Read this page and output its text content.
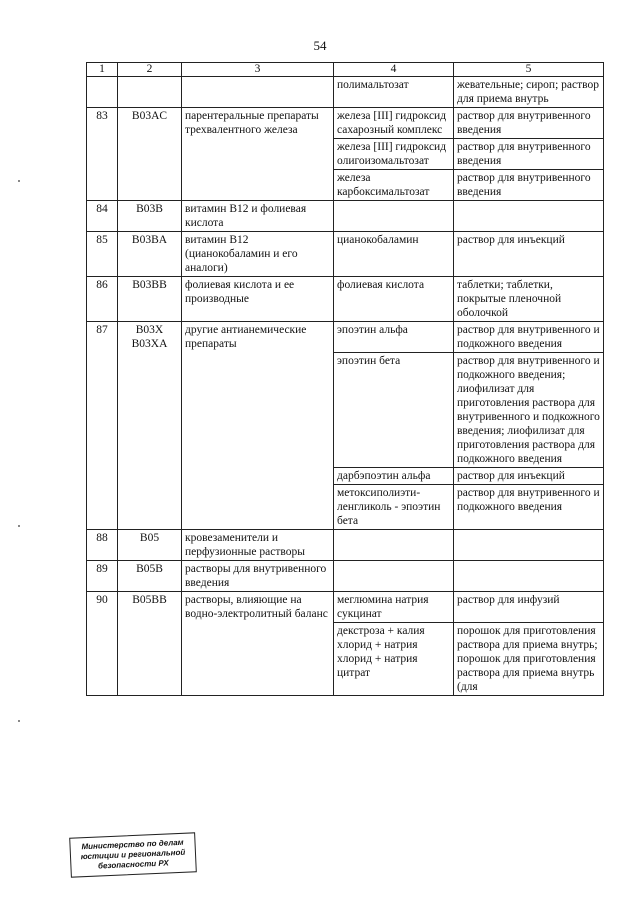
54
1	2	3	4	5
			полимальтозат	жевательные; сироп; раствор для приема внутрь
83	B03AC	парентеральные препараты трехвалентного железа	железа [III] гидроксид сахарозный комплекс	раствор для внутривенного введения
			железа [III] гидроксид олигоизомальтозат	раствор для внутривенного введения
			железа карбоксимальтозат	раствор для внутривенного введения
84	B03B	витамин B12 и фолиевая кислота		
85	B03BA	витамин B12 (цианокобаламин и его аналоги)	цианокобаламин	раствор для инъекций
86	B03BB	фолиевая кислота и ее производные	фолиевая кислота	таблетки; таблетки, покрытые пленочной оболочкой
87	B03X B03XA	другие антианемические препараты	эпоэтин альфа	раствор для внутривенного и подкожного введения
			эпоэтин бета	раствор для внутривенного и подкожного введения; лиофилизат для приготовления раствора для внутривенного и подкожного введения; лиофилизат для приготовления раствора для подкожного введения
			дарбэпоэтин альфа	раствор для инъекций
			метоксиполиэти-ленгликоль - эпоэтин бета	раствор для внутривенного и подкожного введения
88	B05	кровезаменители и перфузионные растворы		
89	B05B	растворы для внутривенного введения		
90	B05BB	растворы, влияющие на водно-электролитный баланс	меглюмина натрия сукцинат	раствор для инфузий
			декстроза + калия хлорид + натрия хлорид + натрия цитрат	порошок для приготовления раствора для приема внутрь; порошок для приготовления раствора для приема внутрь (для
Министерство по делам
юстиции и региональной
безопасности РХ
